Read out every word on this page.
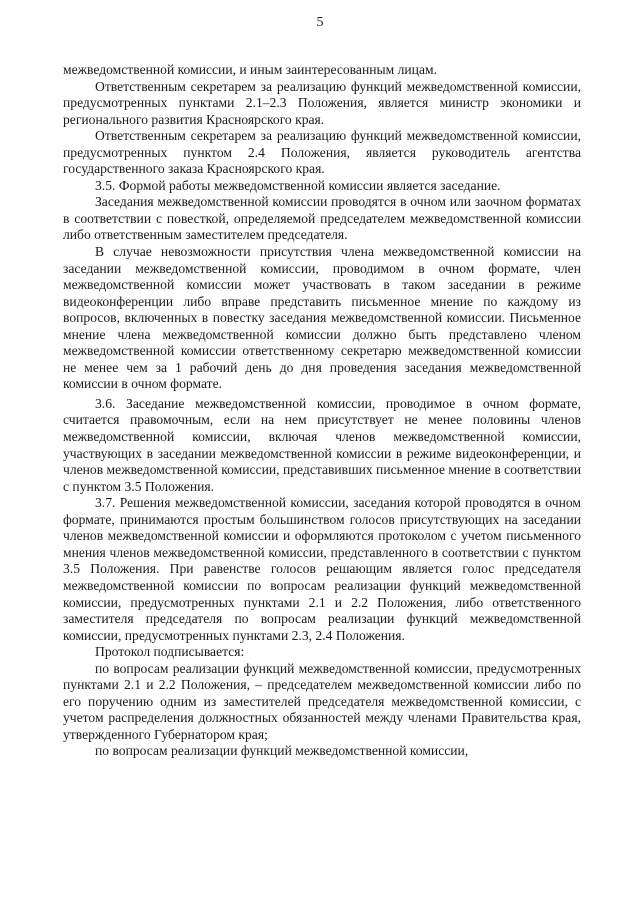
5

межведомственной комиссии, и иным заинтересованным лицам.

Ответственным секретарем за реализацию функций межведомственной комиссии, предусмотренных пунктами 2.1–2.3 Положения, является министр экономики и регионального развития Красноярского края.

Ответственным секретарем за реализацию функций межведомственной комиссии, предусмотренных пунктом 2.4 Положения, является руководитель агентства государственного заказа Красноярского края.

3.5. Формой работы межведомственной комиссии является заседание.

Заседания межведомственной комиссии проводятся в очном или заочном форматах в соответствии с повесткой, определяемой председателем межведомственной комиссии либо ответственным заместителем председателя.

В случае невозможности присутствия члена межведомственной комиссии на заседании межведомственной комиссии, проводимом в очном формате, член межведомственной комиссии может участвовать в таком заседании в режиме видеоконференции либо вправе представить письменное мнение по каждому из вопросов, включенных в повестку заседания межведомственной комиссии. Письменное мнение члена межведомственной комиссии должно быть представлено членом межведомственной комиссии ответственному секретарю межведомственной комиссии не менее чем за 1 рабочий день до дня проведения заседания межведомственной комиссии в очном формате.

3.6. Заседание межведомственной комиссии, проводимое в очном формате, считается правомочным, если на нем присутствует не менее половины членов межведомственной комиссии, включая членов межведомственной комиссии, участвующих в заседании межведомственной комиссии в режиме видеоконференции, и членов межведомственной комиссии, представивших письменное мнение в соответствии с пунктом 3.5 Положения.

3.7. Решения межведомственной комиссии, заседания которой проводятся в очном формате, принимаются простым большинством голосов присутствующих на заседании членов межведомственной комиссии и оформляются протоколом с учетом письменного мнения членов межведомственной комиссии, представленного в соответствии с пунктом 3.5 Положения. При равенстве голосов решающим является голос председателя межведомственной комиссии по вопросам реализации функций межведомственной комиссии, предусмотренных пунктами 2.1 и 2.2 Положения, либо ответственного заместителя председателя по вопросам реализации функций межведомственной комиссии, предусмотренных пунктами 2.3, 2.4 Положения.

Протокол подписывается:

по вопросам реализации функций межведомственной комиссии, предусмотренных пунктами 2.1 и 2.2 Положения, – председателем межведомственной комиссии либо по его поручению одним из заместителей председателя межведомственной комиссии, с учетом распределения должностных обязанностей между членами Правительства края, утвержденного Губернатором края;

по вопросам реализации функций межведомственной комиссии,
